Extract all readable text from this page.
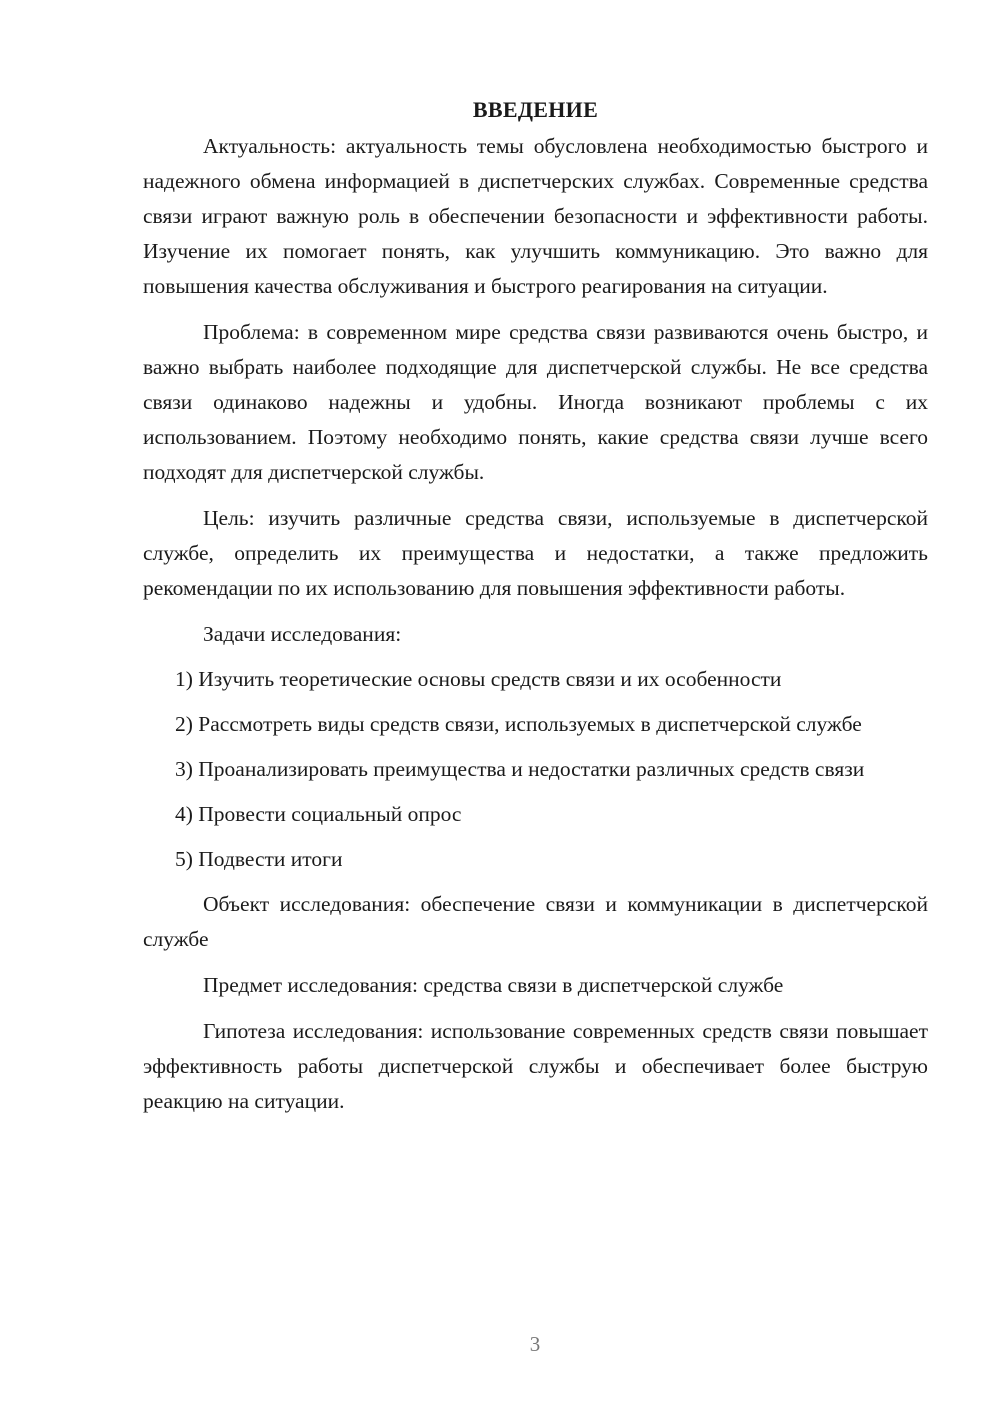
ВВЕДЕНИЕ

Актуальность: актуальность темы обусловлена необходимостью быстрого и надежного обмена информацией в диспетчерских службах. Современные средства связи играют важную роль в обеспечении безопасности и эффективности работы. Изучение их помогает понять, как улучшить коммуникацию. Это важно для повышения качества обслуживания и быстрого реагирования на ситуации.

Проблема: в современном мире средства связи развиваются очень быстро, и важно выбрать наиболее подходящие для диспетчерской службы. Не все средства связи одинаково надежны и удобны. Иногда возникают проблемы с их использованием. Поэтому необходимо понять, какие средства связи лучше всего подходят для диспетчерской службы.

Цель: изучить различные средства связи, используемые в диспетчерской службе, определить их преимущества и недостатки, а также предложить рекомендации по их использованию для повышения эффективности работы.

Задачи исследования:

1) Изучить теоретические основы средств связи и их особенности

2) Рассмотреть виды средств связи, используемых в диспетчерской службе

3) Проанализировать преимущества и недостатки различных средств связи

4) Провести социальный опрос

5) Подвести итоги

Объект исследования: обеспечение связи и коммуникации в диспетчерской службе

Предмет исследования: средства связи в диспетчерской службе

Гипотеза исследования: использование современных средств связи повышает эффективность работы диспетчерской службы и обеспечивает более быструю реакцию на ситуации.

3
